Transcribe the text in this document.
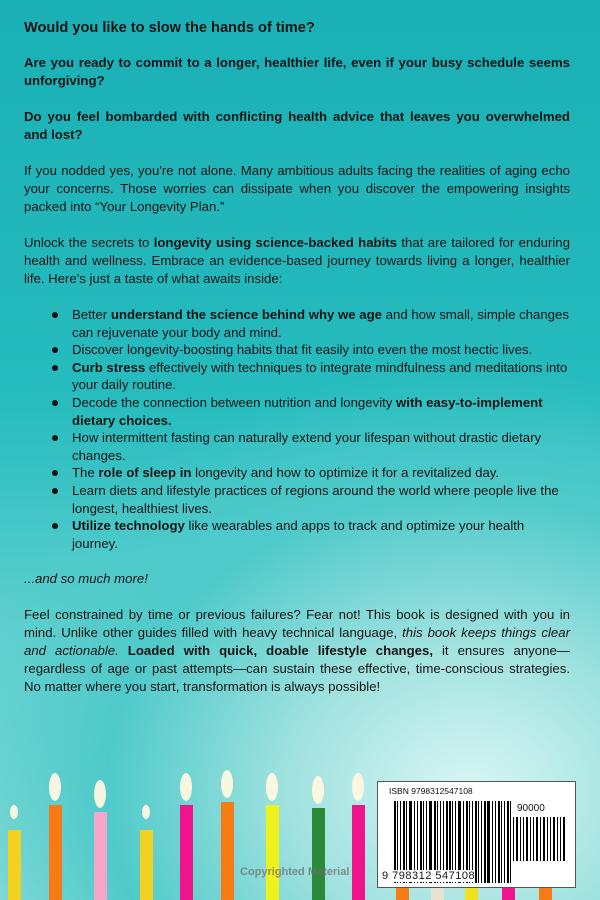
Would you like to slow the hands of time?

Are you ready to commit to a longer, healthier life, even if your busy schedule seems unforgiving?

Do you feel bombarded with conflicting health advice that leaves you overwhelmed and lost?

If you nodded yes, you're not alone. Many ambitious adults facing the realities of aging echo your concerns. Those worries can dissipate when you discover the empowering insights packed into “Your Longevity Plan.”

Unlock the secrets to longevity using science-backed habits that are tailored for enduring health and wellness. Embrace an evidence-based journey towards living a longer, healthier life. Here's just a taste of what awaits inside:

Better understand the science behind why we age and how small, simple changes can rejuvenate your body and mind.
Discover longevity-boosting habits that fit easily into even the most hectic lives.
Curb stress effectively with techniques to integrate mindfulness and meditations into your daily routine.
Decode the connection between nutrition and longevity with easy-to-implement dietary choices.
How intermittent fasting can naturally extend your lifespan without drastic dietary changes.
The role of sleep in longevity and how to optimize it for a revitalized day.
Learn diets and lifestyle practices of regions around the world where people live the longest, healthiest lives.
Utilize technology like wearables and apps to track and optimize your health journey.

...and so much more!

Feel constrained by time or previous failures? Fear not! This book is designed with you in mind. Unlike other guides filled with heavy technical language, this book keeps things clear and actionable. Loaded with quick, doable lifestyle changes, it ensures anyone—regardless of age or past attempts—can sustain these effective, time-conscious strategies. No matter where you start, transformation is always possible!

ISBN 9798312547108
90000
9 798312 547108
Copyrighted Material
